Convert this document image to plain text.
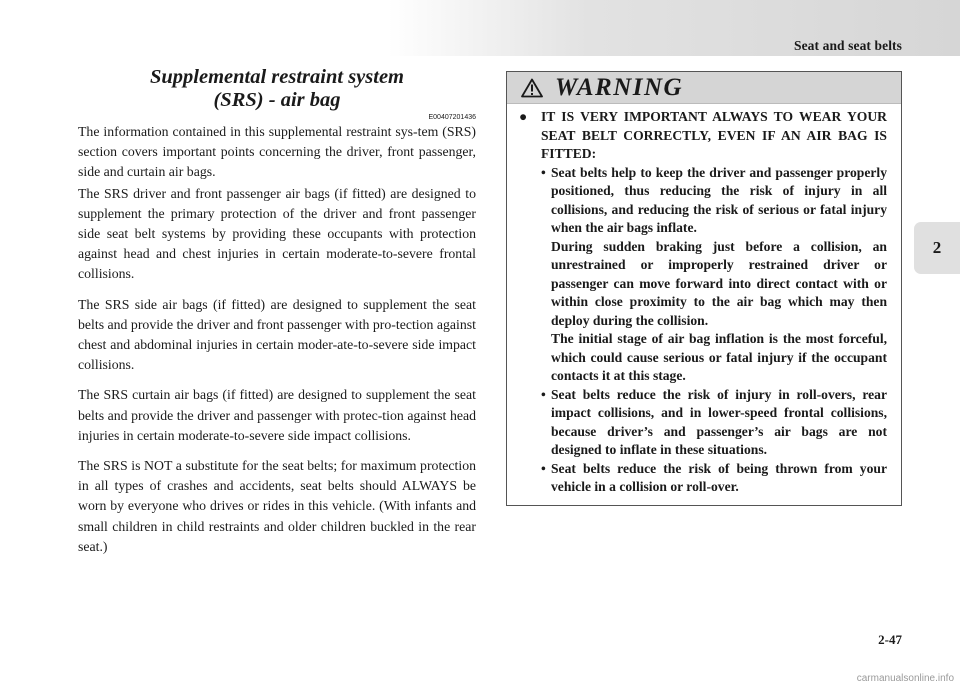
Seat and seat belts
2
Supplemental restraint system
(SRS) - air bag
E00407201436

The information contained in this supplemental restraint sys-tem (SRS) section covers important points concerning the driver, front passenger, side and curtain air bags.

The SRS driver and front passenger air bags (if fitted) are designed to supplement the primary protection of the driver and front passenger side seat belt systems by providing these occupants with protection against head and chest injuries in certain moderate-to-severe frontal collisions.

The SRS side air bags (if fitted) are designed to supplement the seat belts and provide the driver and front passenger with pro-tection against chest and abdominal injuries in certain moder-ate-to-severe side impact collisions.

The SRS curtain air bags (if fitted) are designed to supplement the seat belts and provide the driver and passenger with protec-tion against head injuries in certain moderate-to-severe side impact collisions.

The SRS is NOT a substitute for the seat belts; for maximum protection in all types of crashes and accidents, seat belts should ALWAYS be worn by everyone who drives or rides in this vehicle. (With infants and small children in child restraints and older children buckled in the rear seat.)

WARNING
●	IT IS VERY IMPORTANT ALWAYS TO WEAR YOUR SEAT BELT CORRECTLY, EVEN IF AN AIR BAG IS FITTED:
• Seat belts help to keep the driver and passenger properly positioned, thus reducing the risk of injury in all collisions, and reducing the risk of serious or fatal injury when the air bags inflate.
During sudden braking just before a collision, an unrestrained or improperly restrained driver or passenger can move forward into direct contact with or within close proximity to the air bag which may then deploy during the collision.
The initial stage of air bag inflation is the most forceful, which could cause serious or fatal injury if the occupant contacts it at this stage.
• Seat belts reduce the risk of injury in roll-overs, rear impact collisions, and in lower-speed frontal collisions, because driver’s and passenger’s air bags are not designed to inflate in these situations.
• Seat belts reduce the risk of being thrown from your vehicle in a collision or roll-over.
2-47
carmanualsonline.info
